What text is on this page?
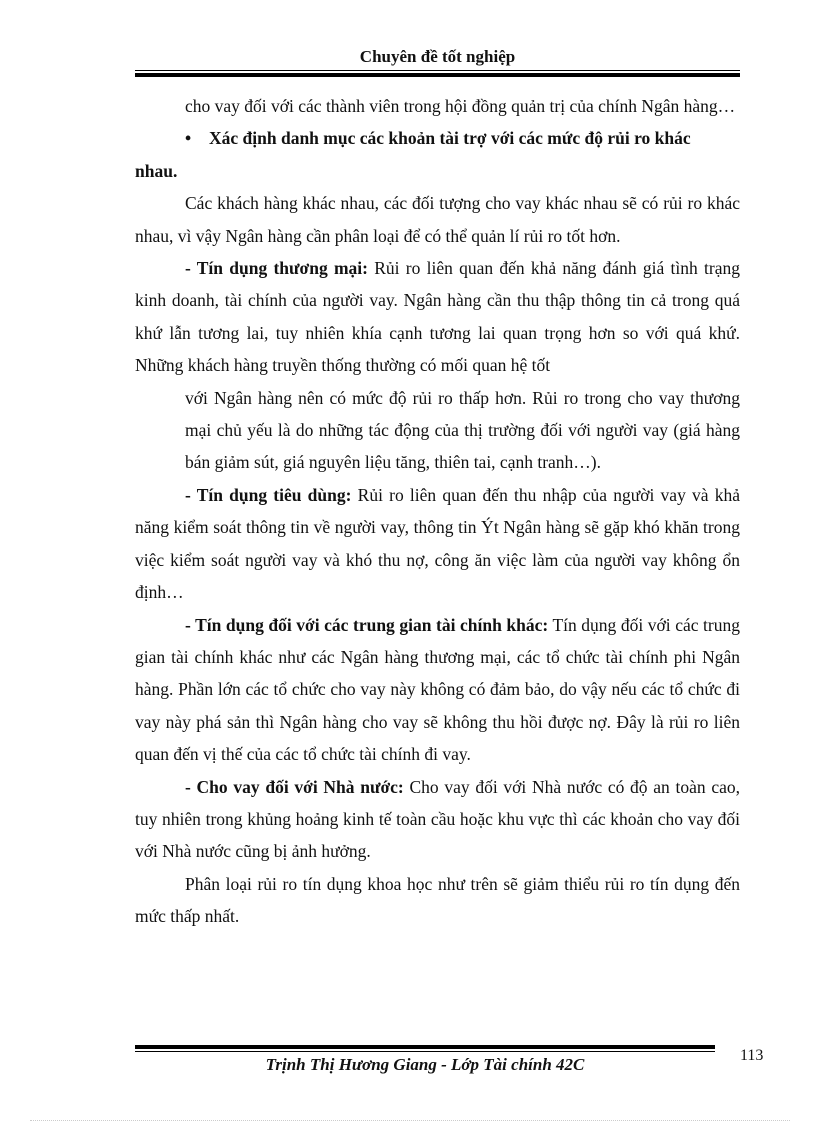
Chuyên đề tốt nghiệp

cho vay đối với các thành viên trong hội đồng quản trị của chính Ngân hàng…

•	Xác định danh mục các khoản tài trợ với các mức độ rủi ro khác

nhau.

Các khách hàng khác nhau, các đối tượng cho vay khác nhau sẽ có rủi ro khác nhau, vì vậy Ngân hàng cần phân loại để có thể quản lí rủi ro tốt hơn.

- Tín dụng thương mại: Rủi ro liên quan đến khả năng đánh giá tình trạng kinh doanh, tài chính của người vay. Ngân hàng cần thu thập thông tin cả trong quá khứ lẫn tương lai, tuy nhiên khía cạnh tương lai quan trọng hơn so với quá khứ. Những khách hàng truyền thống thường có mối quan hệ tốt

với Ngân hàng nên có mức độ rủi ro thấp hơn. Rủi ro trong cho vay thương mại chủ yếu là do những tác động của thị trường đối với người vay (giá hàng bán giảm sút, giá nguyên liệu tăng, thiên tai, cạnh tranh…).

- Tín dụng tiêu dùng: Rủi ro liên quan đến thu nhập của người vay và khả năng kiểm soát thông tin về người vay, thông tin Ýt Ngân hàng sẽ gặp khó khăn trong việc kiểm soát người vay và khó thu nợ, công ăn việc làm của người vay không ổn định…

- Tín dụng đối với các trung gian tài chính khác: Tín dụng đối với các trung gian tài chính khác như các Ngân hàng thương mại, các tổ chức tài chính phi Ngân hàng. Phần lớn các tổ chức cho vay này không có đảm bảo, do vậy nếu các tổ chức đi vay này phá sản thì Ngân hàng cho vay sẽ không thu hồi được nợ. Đây là rủi ro liên quan đến vị thế của các tổ chức tài chính đi vay.

- Cho vay đối với Nhà nước: Cho vay đối với Nhà nước có độ an toàn cao, tuy nhiên trong khủng hoảng kinh tế toàn cầu hoặc khu vực thì các khoản cho vay đối với Nhà nước cũng bị ảnh hưởng.

Phân loại rủi ro tín dụng khoa học như trên sẽ giảm thiểu rủi ro tín dụng đến mức thấp nhất.

113
Trịnh Thị Hương Giang - Lớp Tài chính 42C
